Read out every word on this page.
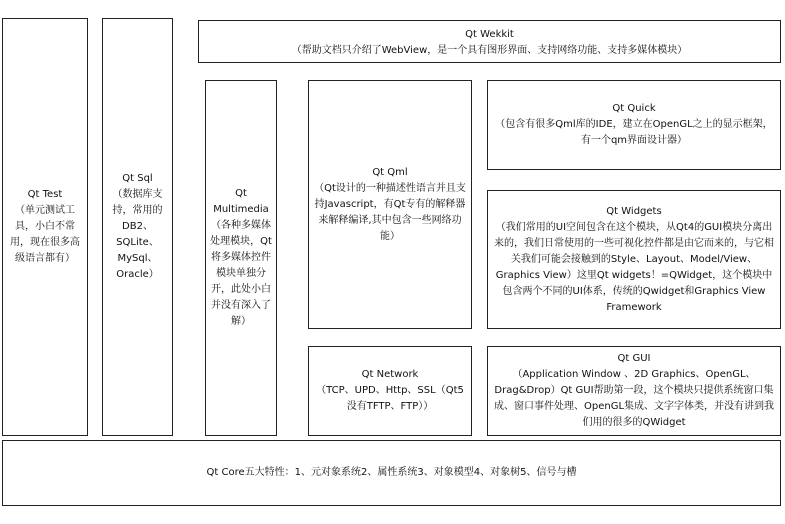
Qt Test
（单元测试工具，小白不常用，现在很多高级语言都有）
Qt Sql
（数据库支持，常用的DB2、SQLite、MySql、Oracle）
Qt Wekkit
（帮助文档只介绍了WebView，是一个具有图形界面、支持网络功能、支持多媒体模块）
Qt Multimedia
（各种多媒体处理模块，Qt将多媒体控件模块单独分开，此处小白并没有深入了解）
Qt Qml
（Qt设计的一种描述性语言并且支持Javascript，有Qt专有的解释器来解释编译,其中包含一些网络功能）
Qt Quick
（包含有很多Qml库的IDE，建立在OpenGL之上的显示框架，有一个qm界面设计器）
Qt Widgets
（我们常用的UI空间包含在这个模块，从Qt4的GUI模块分离出来的，我们日常使用的一些可视化控件都是由它而来的，与它相关我们可能会接触到的Style、Layout、Model/View、Graphics View）这里Qt widgets！=QWidget，这个模块中包含两个不同的UI体系，传统的Qwidget和Graphics View Framework
Qt Network
（TCP、UPD、Http、SSL（Qt5没有TFTP、FTP））
Qt GUI
（Application Window 、2D Graphics、OpenGL、Drag&Drop）Qt GUI帮助第一段，这个模块只提供系统窗口集成、窗口事件处理、OpenGL集成、文字字体类，并没有讲到我们用的很多的QWidget
Qt Core 五大特性：1、元对象系统2、属性系统3、对象模型4、对象树5、信号与槽
